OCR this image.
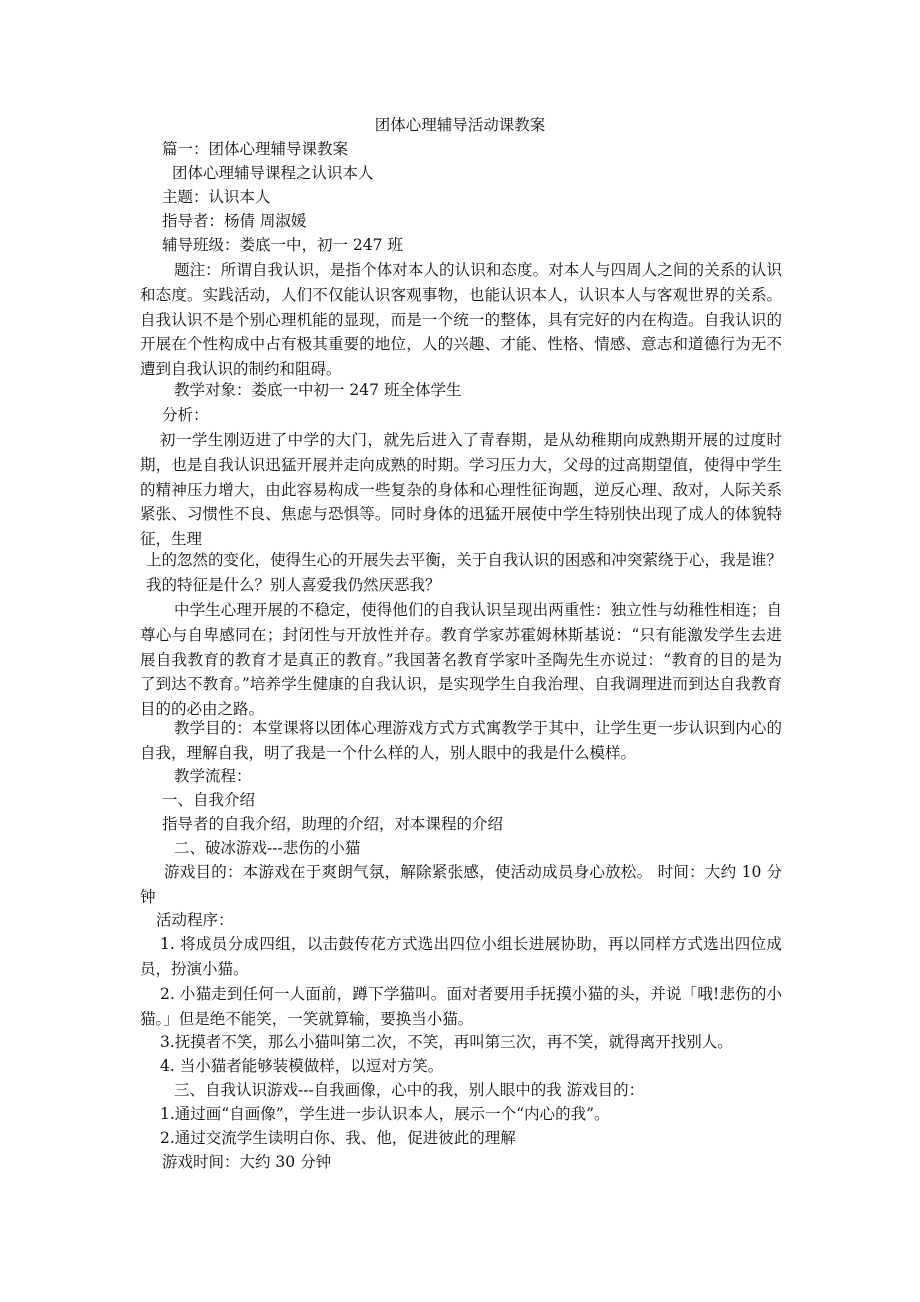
团体心理辅导活动课教案
篇一：团体心理辅导课教案
团体心理辅导课程之认识本人
主题：认识本人
指导者：杨倩 周淑媛
辅导班级：娄底一中，初一 247 班

题注：所谓自我认识，是指个体对本人的认识和态度。对本人与四周人之间的关系的认识和态度。实践活动，人们不仅能认识客观事物，也能认识本人，认识本人与客观世界的关系。自我认识不是个别心理机能的显现，而是一个统一的整体，具有完好的内在构造。自我认识的开展在个性构成中占有极其重要的地位，人的兴趣、才能、性格、情感、意志和道德行为无不遭到自我认识的制约和阻碍。

教学对象：娄底一中初一 247 班全体学生
分析：

初一学生刚迈进了中学的大门，就先后进入了青春期，是从幼稚期向成熟期开展的过度时期，也是自我认识迅猛开展并走向成熟的时期。学习压力大，父母的过高期望值，使得中学生的精神压力增大，由此容易构成一些复杂的身体和心理性征询题，逆反心理、敌对，人际关系紧张、习惯性不良、焦虑与恐惧等。同时身体的迅猛开展使中学生特别快出现了成人的体貌特征，生理

上的忽然的变化，使得生心的开展失去平衡，关于自我认识的困惑和冲突萦绕于心，我是谁？我的特征是什么？别人喜爱我仍然厌恶我？

中学生心理开展的不稳定，使得他们的自我认识呈现出两重性：独立性与幼稚性相连；自尊心与自卑感同在；封闭性与开放性并存。教育学家苏霍姆林斯基说：“只有能激发学生去进展自我教育的教育才是真正的教育。”我国著名教育学家叶圣陶先生亦说过：“教育的目的是为了到达不教育。”培养学生健康的自我认识，是实现学生自我治理、自我调理进而到达自我教育目的的必由之路。

教学目的：本堂课将以团体心理游戏方式方式寓教学于其中，让学生更一步认识到内心的自我，理解自我，明了我是一个什么样的人，别人眼中的我是什么模样。

教学流程：
一、自我介绍
指导者的自我介绍，助理的介绍，对本课程的介绍
二、破冰游戏---悲伤的小猫

游戏目的：本游戏在于爽朗气氛，解除紧张感，使活动成员身心放松。 时间：大约 10 分钟

活动程序：

1. 将成员分成四组，以击鼓传花方式选出四位小组长进展协助，再以同样方式选出四位成员，扮演小猫。

2. 小猫走到任何一人面前，蹲下学猫叫。面对者要用手抚摸小猫的头，并说「哦!悲伤的小猫。」但是绝不能笑，一笑就算输，要换当小猫。

3.抚摸者不笑，那么小猫叫第二次，不笑，再叫第三次，再不笑，就得离开找别人。
4. 当小猫者能够装模做样，以逗对方笑。
三、自我认识游戏---自我画像，心中的我，别人眼中的我 游戏目的：
1.通过画“自画像”，学生进一步认识本人，展示一个“内心的我”。
2.通过交流学生读明白你、我、他，促进彼此的理解
游戏时间：大约 30 分钟
